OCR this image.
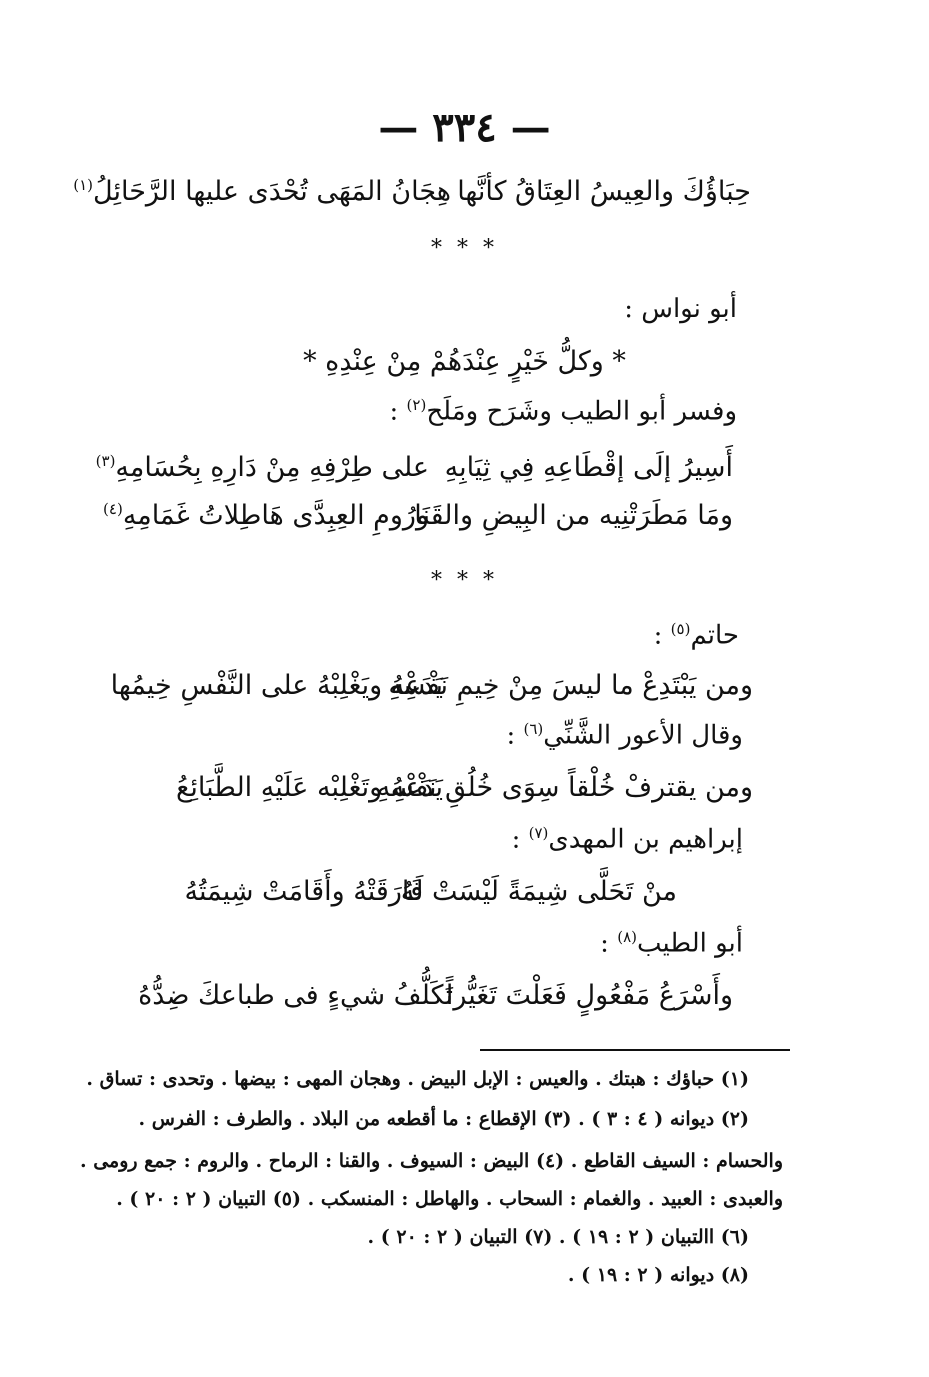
— ٣٣٤ —
حِبَاؤُكَ والعِيسُ العِتَاقُ كأنَّها
هِجَانُ المَهَى تُحْدَى عليها الرَّحَائِلُ$^{(١)}$
* * *
أبو نواس :
* وكلُّ خَيْرٍ عِنْدَهُمْ مِنْ عِنْدِهِ *
وفسر أبو الطيب وشَرَح ومَلَح$^{(٢)}$ :
أَسِيرُ إلَى إقْطَاعِهِ فِي ثِيَابِهِ
على طِرْفِهِ مِنْ دَارِهِ بِحُسَامِهِ$^{(٣)}$
ومَا مَطَرَتْنِيه من البِيضِ والقَنَا
ورُومِ العِبِدَّى هَاطِلاتُ غَمَامِهِ$^{(٤)}$
* * *
حاتم$^{(٥)}$ :
ومن يَبْتَدِعْ ما ليسَ مِنْ خِيمِ نَفْسِهِ
يَدَعْهُ ويَغْلِبْهُ على النَّفْسِ خِيمُها
وقال الأعور الشَّنِّي$^{(٦)}$ :
ومن يقترفْ خُلْقاً سِوَى خُلُقِ نَفْسِهِ
يَدَعْهُ وتَغْلِبْه عَلَيْهِ الطَّبَائِعُ
إبراهيم بن المهدى$^{(٧)}$ :
منْ تَحَلَّى شِيمَةً لَيْسَتْ لَهُ
فَارَقَتْهُ وأَقَامَتْ شِيمَتُهُ
أبو الطيب$^{(٨)}$ :
وأَسْرَعُ مَفْعُولٍ فَعَلْتَ تَغَيُّراً
تَكَلُّفُ شيءٍ فى طباعكَ ضِدُّهُ
(١) حباؤك : هبتك . والعيس : الإبل البيض . وهجان المهى : بيضها . وتحدى : تساق .
(٢) ديوانه ( ٤ : ٣ ) . (٣) الإقطاع : ما أقطعه من البلاد . والطرف : الفرس .
والحسام : السيف القاطع . (٤) البيض : السيوف . والقنا : الرماح . والروم : جمع رومى .
والعبدى : العبيد . والغمام : السحاب . والهاطل : المنسكب . (٥) التبيان ( ٢ : ٢٠ ) .
(٦) االتبيان ( ٢ : ١٩ ) . (٧) التبيان ( ٢ : ٢٠ ) .
(٨) ديوانه ( ٢ : ١٩ ) .
